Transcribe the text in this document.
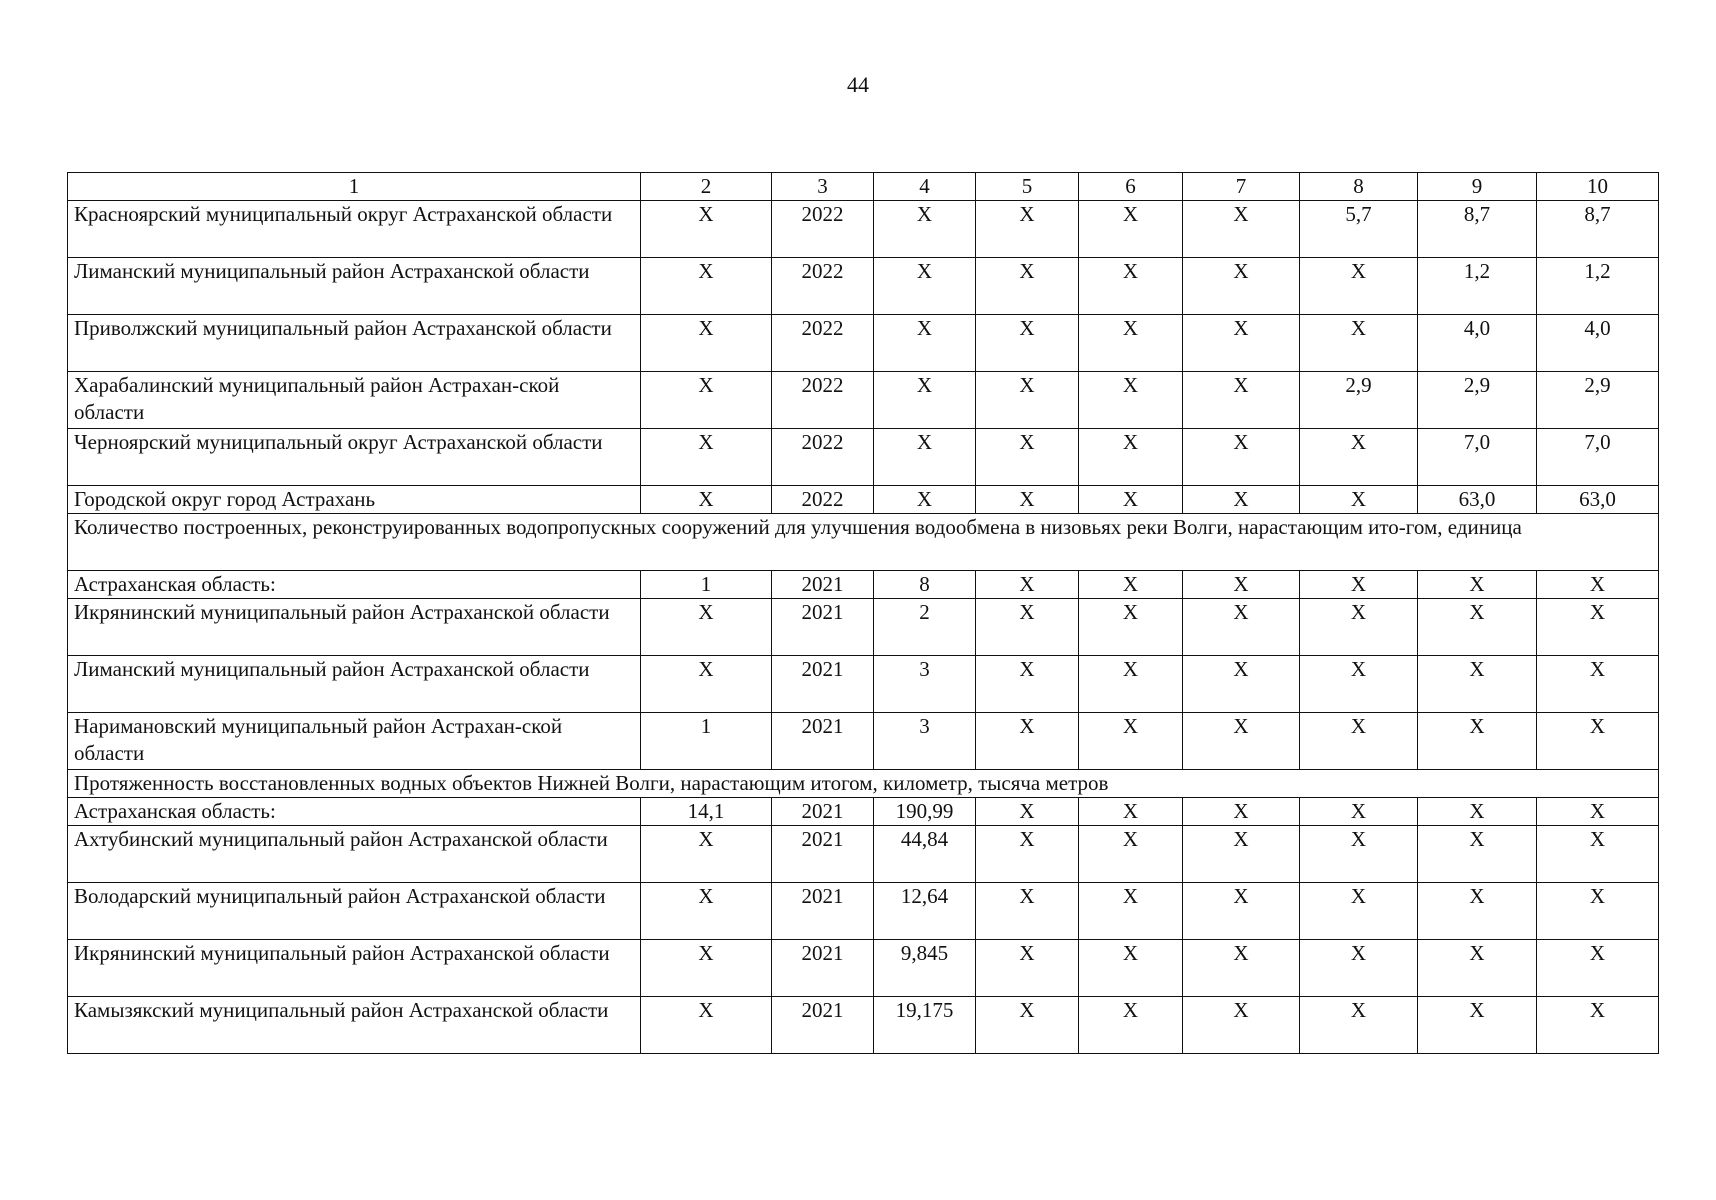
44
1	2	3	4	5	6	7	8	9	10
Красноярский муниципальный округ Астраханской области	Х	2022	Х	Х	Х	Х	5,7	8,7	8,7
Лиманский муниципальный район Астраханской области	Х	2022	Х	Х	Х	Х	Х	1,2	1,2
Приволжский муниципальный район Астраханской области	Х	2022	Х	Х	Х	Х	Х	4,0	4,0
Харабалинский муниципальный район Астрахан-ской области	Х	2022	Х	Х	Х	Х	2,9	2,9	2,9
Черноярский муниципальный округ Астраханской области	Х	2022	Х	Х	Х	Х	Х	7,0	7,0
Городской округ город Астрахань	Х	2022	Х	Х	Х	Х	Х	63,0	63,0
Количество построенных, реконструированных водопропускных сооружений для улучшения водообмена в низовьях реки Волги, нарастающим ито-гом, единица									
Астраханская область:	1	2021	8	Х	Х	Х	Х	Х	Х
Икрянинский муниципальный район Астраханской области	Х	2021	2	Х	Х	Х	Х	Х	Х
Лиманский муниципальный район Астраханской области	Х	2021	3	Х	Х	Х	Х	Х	Х
Наримановский муниципальный район Астрахан-ской области	1	2021	3	Х	Х	Х	Х	Х	Х
Протяженность восстановленных водных объектов Нижней Волги, нарастающим итогом, километр, тысяча метров									
Астраханская область:	14,1	2021	190,99	Х	Х	Х	Х	Х	Х
Ахтубинский муниципальный район Астраханской области	Х	2021	44,84	Х	Х	Х	Х	Х	Х
Володарский муниципальный район Астраханской области	Х	2021	12,64	Х	Х	Х	Х	Х	Х
Икрянинский муниципальный район Астраханской области	Х	2021	9,845	Х	Х	Х	Х	Х	Х
Камызякский муниципальный район Астраханской области	Х	2021	19,175	Х	Х	Х	Х	Х	Х
